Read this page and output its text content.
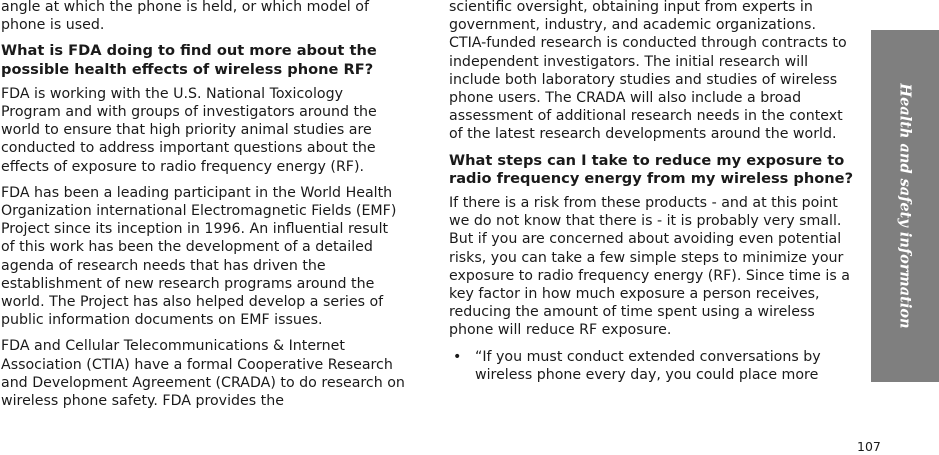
angle at which the phone is held, or which model of phone is used.

What is FDA doing to find out more about the possible health effects of wireless phone RF?

FDA is working with the U.S. National Toxicology Program and with groups of investigators around the world to ensure that high priority animal studies are conducted to address important questions about the effects of exposure to radio frequency energy (RF).

FDA has been a leading participant in the World Health Organization international Electromagnetic Fields (EMF) Project since its inception in 1996. An influential result of this work has been the development of a detailed agenda of research needs that has driven the establishment of new research programs around the world. The Project has also helped develop a series of public information documents on EMF issues.

FDA and Cellular Telecommunications & Internet Association (CTIA) have a formal Cooperative Research and Development Agreement (CRADA) to do research on wireless phone safety. FDA provides the

scientific oversight, obtaining input from experts in government, industry, and academic organizations. CTIA-funded research is conducted through contracts to independent investigators. The initial research will include both laboratory studies and studies of wireless phone users. The CRADA will also include a broad assessment of additional research needs in the context of the latest research developments around the world.

What steps can I take to reduce my exposure to radio frequency energy from my wireless phone?

If there is a risk from these products - and at this point we do not know that there is - it is probably very small. But if you are concerned about avoiding even potential risks, you can take a few simple steps to minimize your exposure to radio frequency energy (RF). Since time is a key factor in how much exposure a person receives, reducing the amount of time spent using a wireless phone will reduce RF exposure.

• “If you must conduct extended conversations by wireless phone every day, you could place more
Health and safety information
107
